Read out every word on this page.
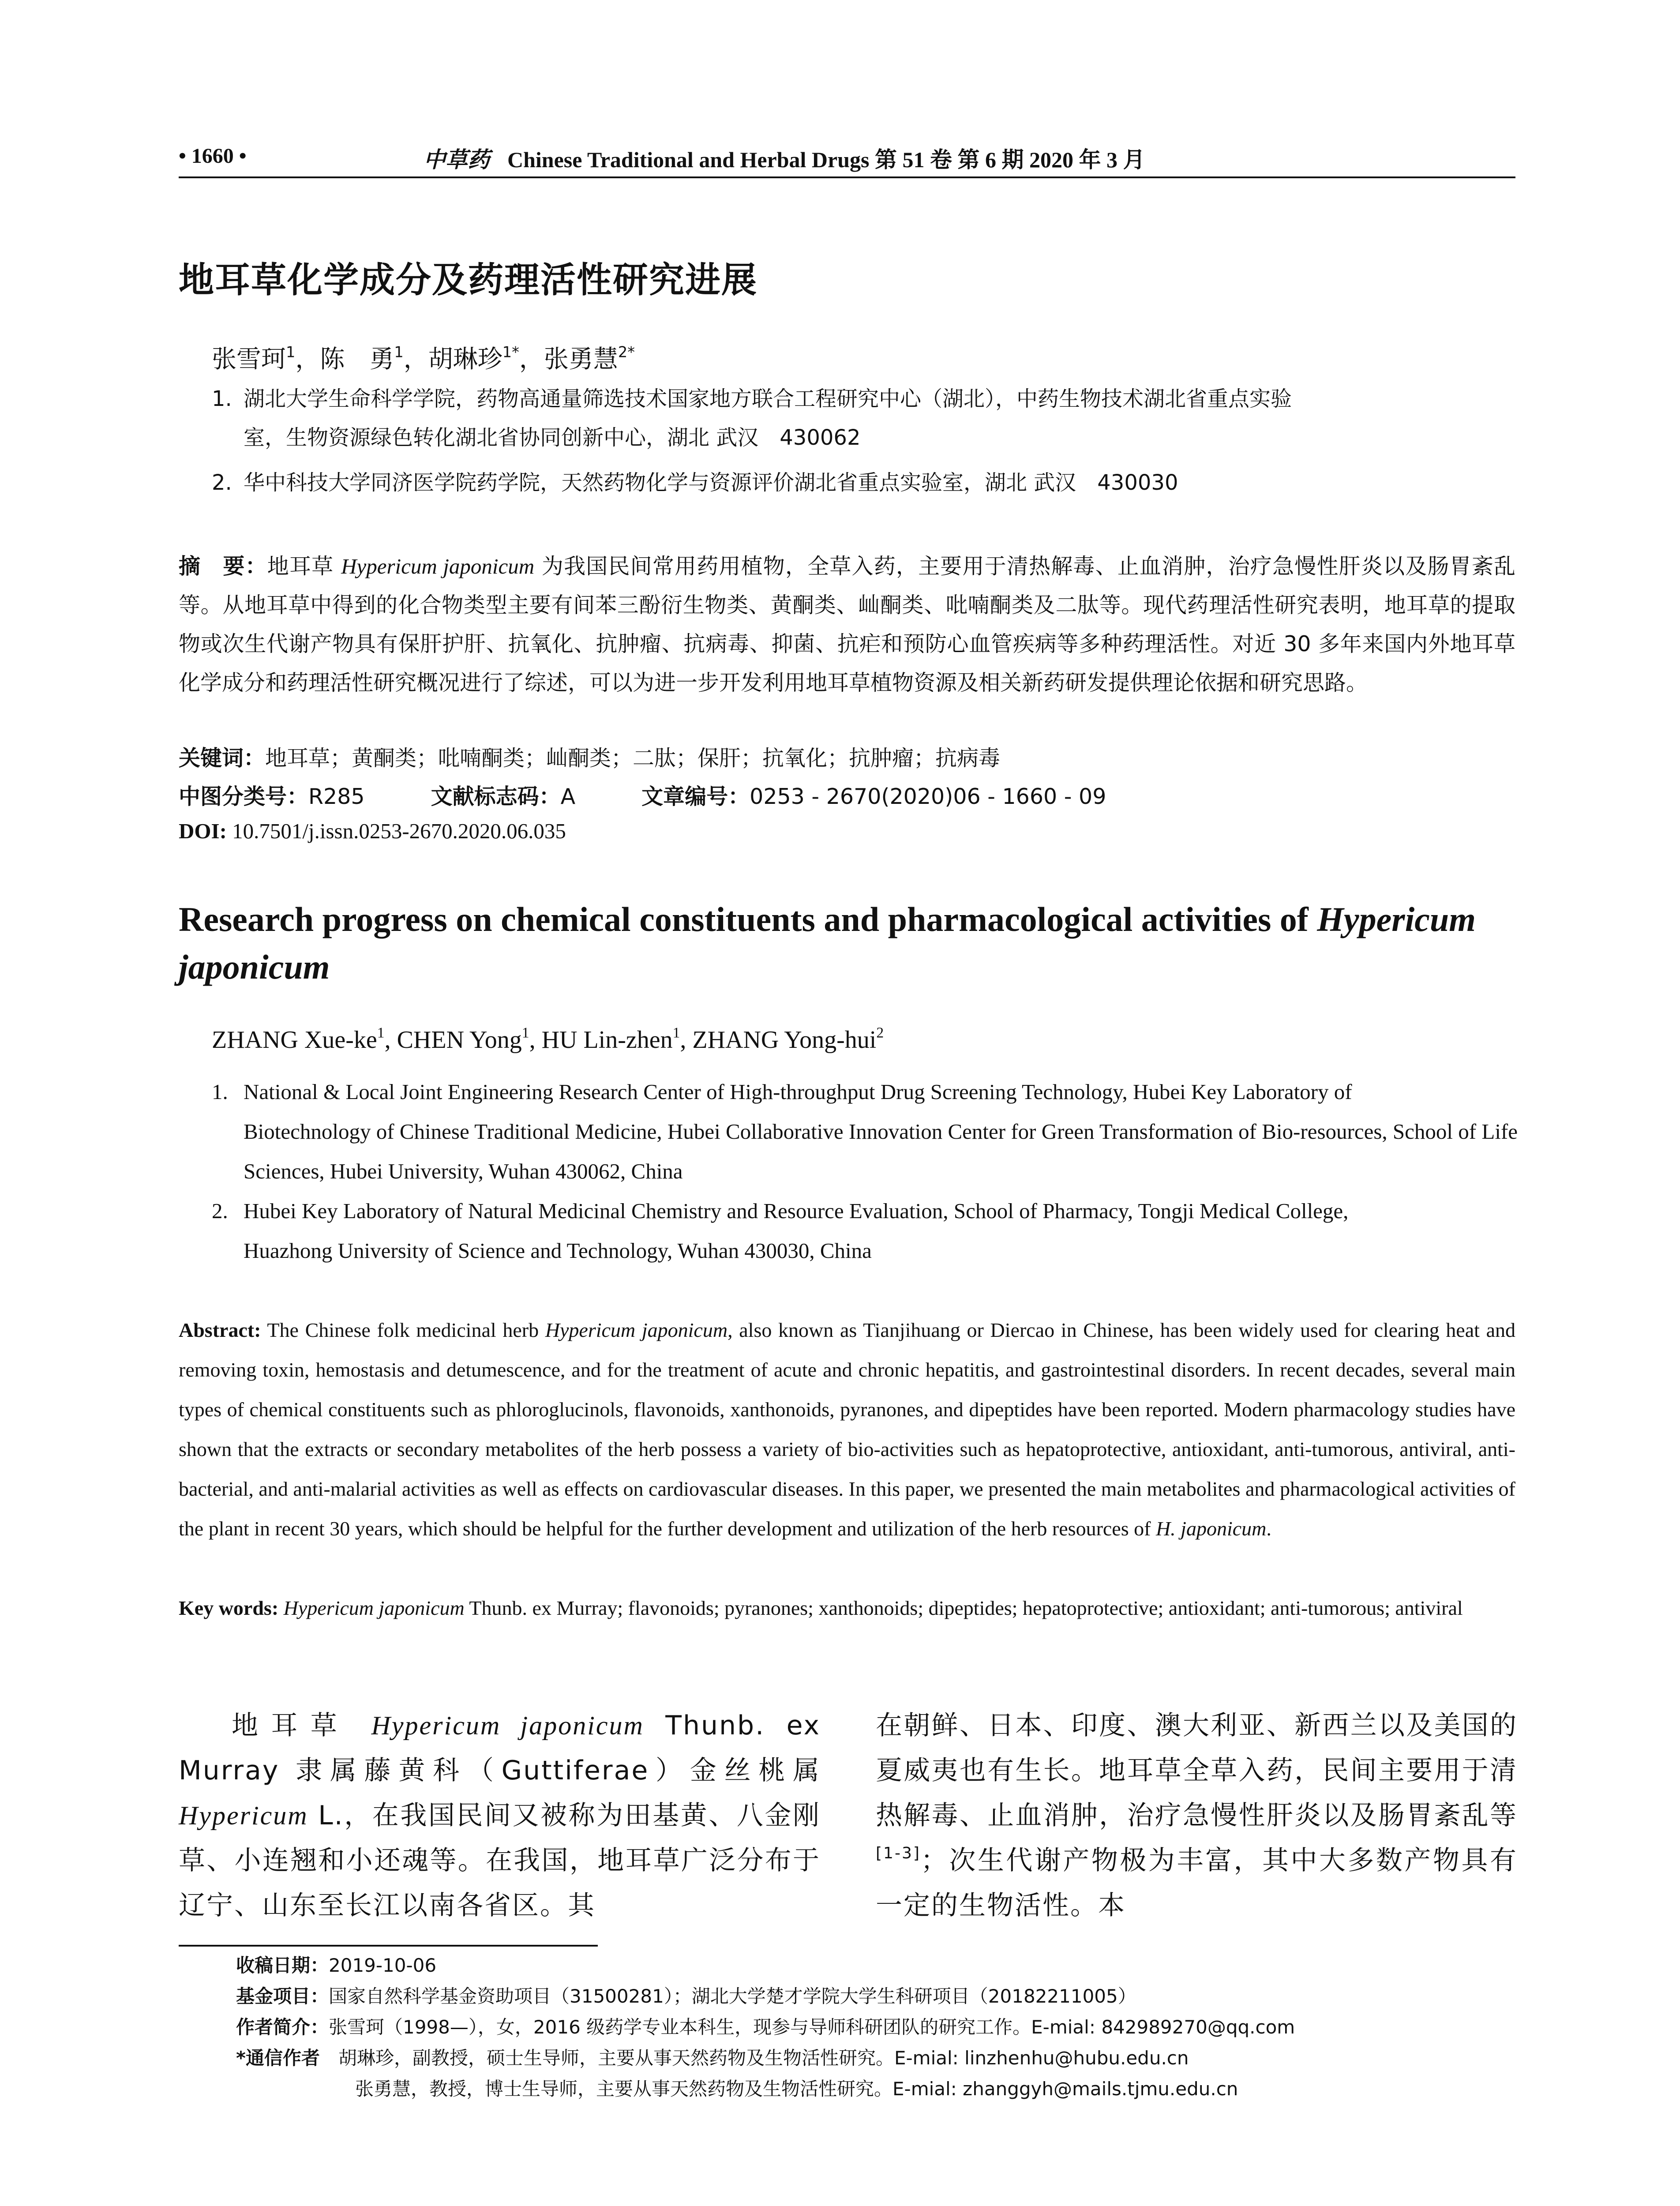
• 1660 •	中草药 Chinese Traditional and Herbal Drugs 第 51 卷 第 6 期 2020 年 3 月
地耳草化学成分及药理活性研究进展
张雪珂$^1$，陈　勇$^1$，胡琳珍$^{1*}$，张勇慧$^{2*}$
1. 湖北大学生命科学学院，药物高通量筛选技术国家地方联合工程研究中心（湖北），中药生物技术湖北省重点实验
室，生物资源绿色转化湖北省协同创新中心，湖北 武汉　430062
2. 华中科技大学同济医学院药学院，天然药物化学与资源评价湖北省重点实验室，湖北 武汉　430030
摘　要：地耳草 Hypericum japonicum 为我国民间常用药用植物，全草入药，主要用于清热解毒、止血消肿，治疗急慢性肝炎以及肠胃紊乱等。从地耳草中得到的化合物类型主要有间苯三酚衍生物类、黄酮类、屾酮类、吡喃酮类及二肽等。现代药理活性研究表明，地耳草的提取物或次生代谢产物具有保肝护肝、抗氧化、抗肿瘤、抗病毒、抑菌、抗疟和预防心血管疾病等多种药理活性。对近 30 多年来国内外地耳草化学成分和药理活性研究概况进行了综述，可以为进一步开发利用地耳草植物资源及相关新药研发提供理论依据和研究思路。
关键词：地耳草；黄酮类；吡喃酮类；屾酮类；二肽；保肝；抗氧化；抗肿瘤；抗病毒
中图分类号：R285	文献标志码：A	文章编号：0253 - 2670(2020)06 - 1660 - 09
DOI: 10.7501/j.issn.0253-2670.2020.06.035
Research progress on chemical constituents and pharmacological activities of Hypericum japonicum
ZHANG Xue-$ke^1$, CHEN Yong$^1$, HU Lin-zhen$^1$, ZHANG Yong-hui$^2$
1. National & Local Joint Engineering Research Center of High-throughput Drug Screening Technology, Hubei Key Laboratory of
Biotechnology of Chinese Traditional Medicine, Hubei Collaborative Innovation Center for Green Transformation of Bio-resources, School of Life Sciences, Hubei University, Wuhan 430062, China
2. Hubei Key Laboratory of Natural Medicinal Chemistry and Resource Evaluation, School of Pharmacy, Tongji Medical College,
Huazhong University of Science and Technology, Wuhan 430030, China
Abstract: The Chinese folk medicinal herb Hypericum japonicum, also known as Tianjihuang or Diercao in Chinese, has been widely used for clearing heat and removing toxin, hemostasis and detumescence, and for the treatment of acute and chronic hepatitis, and gastrointestinal disorders. In recent decades, several main types of chemical constituents such as phloroglucinols, flavonoids, xanthonoids, pyranones, and dipeptides have been reported. Modern pharmacology studies have shown that the extracts or secondary metabolites of the herb possess a variety of bio-activities such as hepatoprotective, antioxidant, anti-tumorous, antiviral, anti-bacterial, and anti-malarial activities as well as effects on cardiovascular diseases. In this paper, we presented the main metabolites and pharmacological activities of the plant in recent 30 years, which should be helpful for the further development and utilization of the herb resources of H. japonicum.
Key words: Hypericum japonicum Thunb. ex Murray; flavonoids; pyranones; xanthonoids; dipeptides; hepatoprotective; antioxidant; anti-tumorous; antiviral
地耳草 Hypericum japonicum Thunb. ex Murray 隶属藤黄科（Guttiferae）金丝桃属 Hypericum L.，在我国民间又被称为田基黄、八金刚草、小连翘和小还魂等。在我国，地耳草广泛分布于辽宁、山东至长江以南各省区。其
在朝鲜、日本、印度、澳大利亚、新西兰以及美国的夏威夷也有生长。地耳草全草入药，民间主要用于清热解毒、止血消肿，治疗急慢性肝炎以及肠胃紊乱等[1-3]；次生代谢产物极为丰富，其中大多数产物具有一定的生物活性。本
收稿日期：2019-10-06
基金项目：国家自然科学基金资助项目（31500281）；湖北大学楚才学院大学生科研项目（20182211005）
作者简介：张雪珂（1998—），女，2016 级药学专业本科生，现参与导师科研团队的研究工作。E-mial: 842989270@qq.com
*通信作者　胡琳珍，副教授，硕士生导师，主要从事天然药物及生物活性研究。E-mial: linzhenhu@hubu.edu.cn
张勇慧，教授，博士生导师，主要从事天然药物及生物活性研究。E-mial: zhanggyh@mails.tjmu.edu.cn
